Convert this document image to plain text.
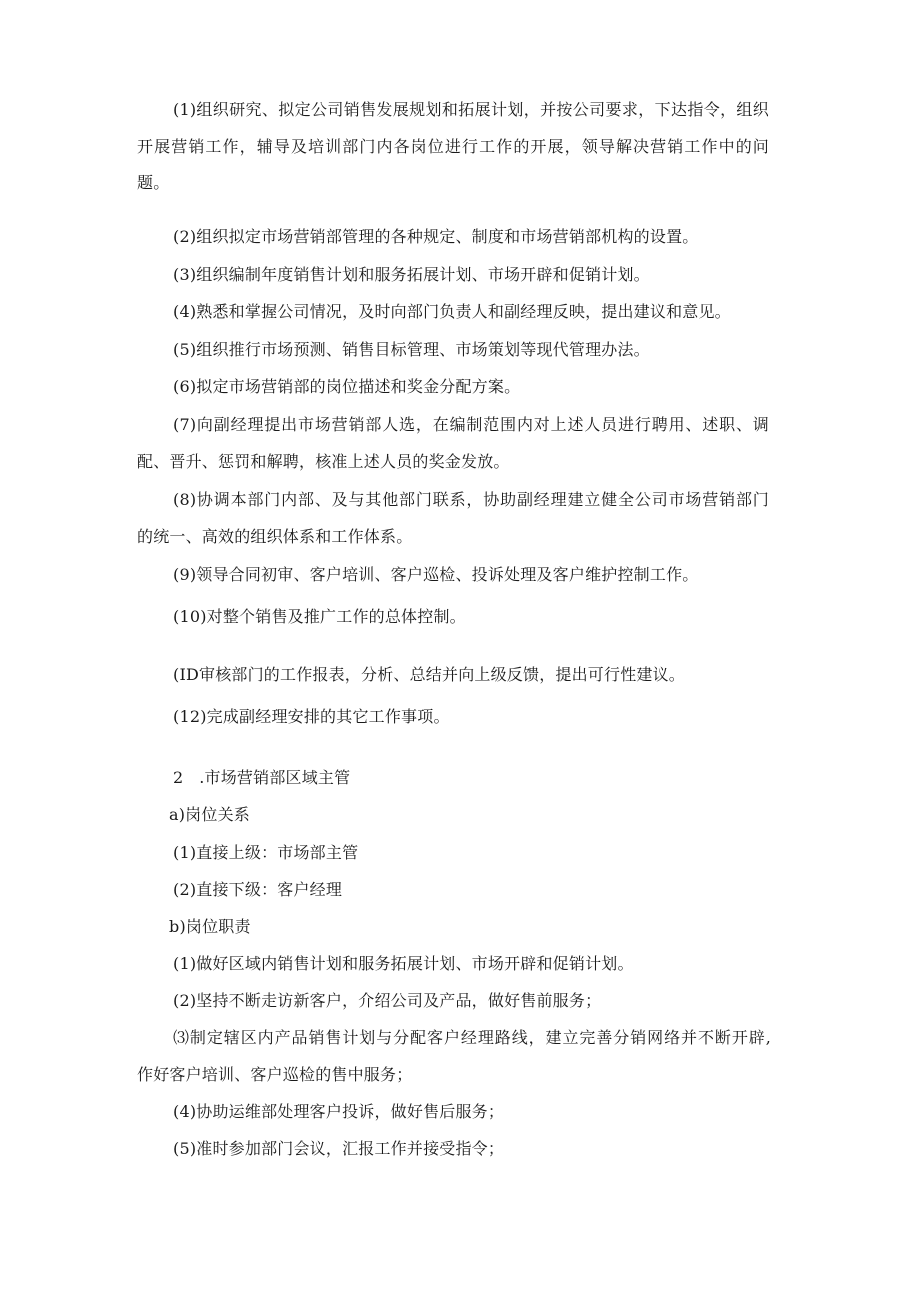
(1)组织研究、拟定公司销售发展规划和拓展计划，并按公司要求，下达指令，组织
开展营销工作，辅导及培训部门内各岗位进行工作的开展，领导解决营销工作中的问
题。
(2)组织拟定市场营销部管理的各种规定、制度和市场营销部机构的设置。
(3)组织编制年度销售计划和服务拓展计划、市场开辟和促销计划。
(4)熟悉和掌握公司情况，及时向部门负责人和副经理反映，提出建议和意见。
(5)组织推行市场预测、销售目标管理、市场策划等现代管理办法。
(6)拟定市场营销部的岗位描述和奖金分配方案。
(7)向副经理提出市场营销部人选，在编制范围内对上述人员进行聘用、述职、调
配、晋升、惩罚和解聘，核准上述人员的奖金发放。
(8)协调本部门内部、及与其他部门联系，协助副经理建立健全公司市场营销部门
的统一、高效的组织体系和工作体系。
(9)领导合同初审、客户培训、客户巡检、投诉处理及客户维护控制工作。
(10)对整个销售及推广工作的总体控制。
(ID审核部门的工作报表，分析、总结并向上级反馈，提出可行性建议。
(12)完成副经理安排的其它工作事项。
2   .市场营销部区域主管
a)岗位关系
(1)直接上级：市场部主管
(2)直接下级：客户经理
b)岗位职责
(1)做好区域内销售计划和服务拓展计划、市场开辟和促销计划。
(2)坚持不断走访新客户，介绍公司及产品，做好售前服务；
⑶制定辖区内产品销售计划与分配客户经理路线，建立完善分销网络并不断开辟,
作好客户培训、客户巡检的售中服务；
(4)协助运维部处理客户投诉，做好售后服务；
(5)准时参加部门会议，汇报工作并接受指令；
